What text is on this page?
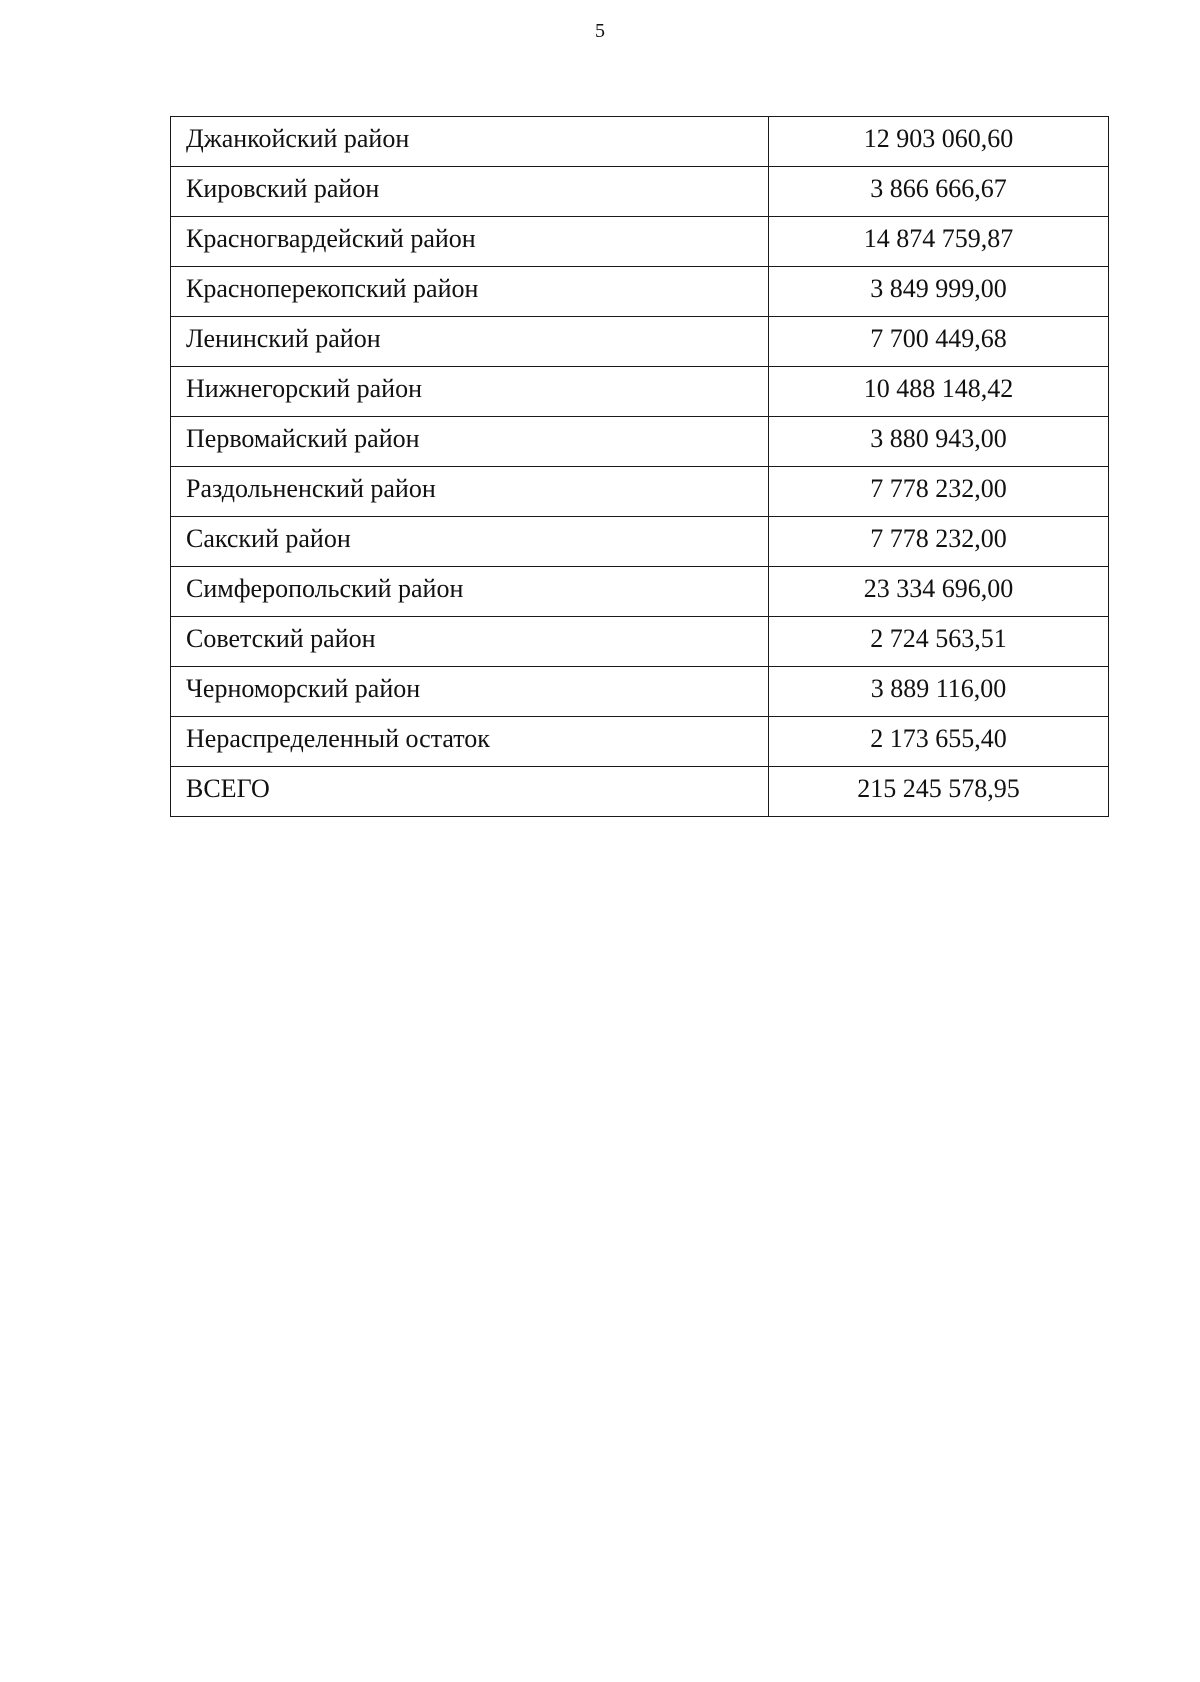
5
Джанкойский район	12 903 060,60
Кировский район	3 866 666,67
Красногвардейский район	14 874 759,87
Красноперекопский район	3 849 999,00
Ленинский район	7 700 449,68
Нижнегорский район	10 488 148,42
Первомайский район	3 880 943,00
Раздольненский район	7 778 232,00
Сакский район	7 778 232,00
Симферопольский район	23 334 696,00
Советский район	2 724 563,51
Черноморский район	3 889 116,00
Нераспределенный остаток	2 173 655,40
ВСЕГО	215 245 578,95
